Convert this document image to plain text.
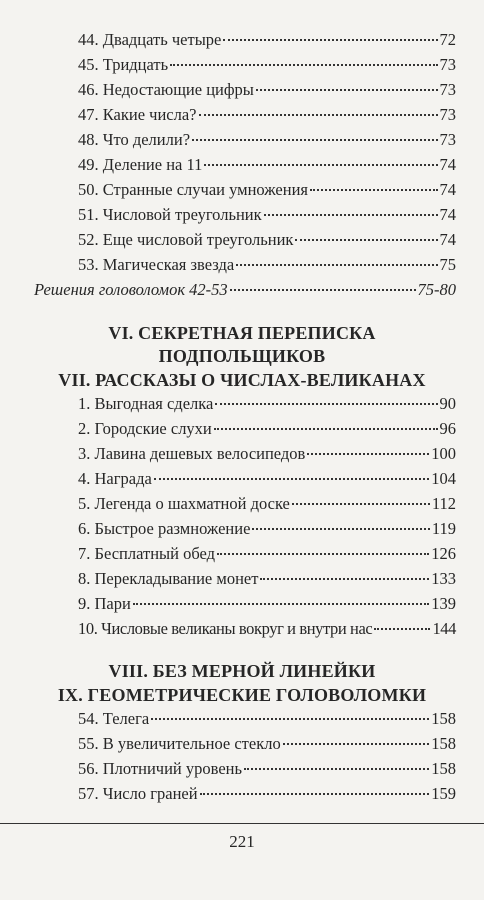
44. Двадцать четыре	72
45. Тридцать	73
46. Недостающие цифры	73
47. Какие числа?	73
48. Что делили?	73
49. Деление на 11	74
50. Странные случаи умножения	74
51. Числовой треугольник	74
52. Еще числовой треугольник	74
53. Магическая звезда	75
Решения головоломок 42-53	75-80
VI. СЕКРЕТНАЯ ПЕРЕПИСКА
ПОДПОЛЬЩИКОВ
VII. РАССКАЗЫ О ЧИСЛАХ-ВЕЛИКАНАХ
1. Выгодная сделка	90
2. Городские слухи	96
3. Лавина дешевых велосипедов	100
4. Награда	104
5. Легенда о шахматной доске	112
6. Быстрое размножение	119
7. Бесплатный обед	126
8. Перекладывание монет	133
9. Пари	139
10. Числовые великаны вокруг и внутри нас	144
VIII. БЕЗ МЕРНОЙ ЛИНЕЙКИ
IX. ГЕОМЕТРИЧЕСКИЕ ГОЛОВОЛОМКИ
54. Телега	158
55. В увеличительное стекло	158
56. Плотничий уровень	158
57. Число граней	159
221
